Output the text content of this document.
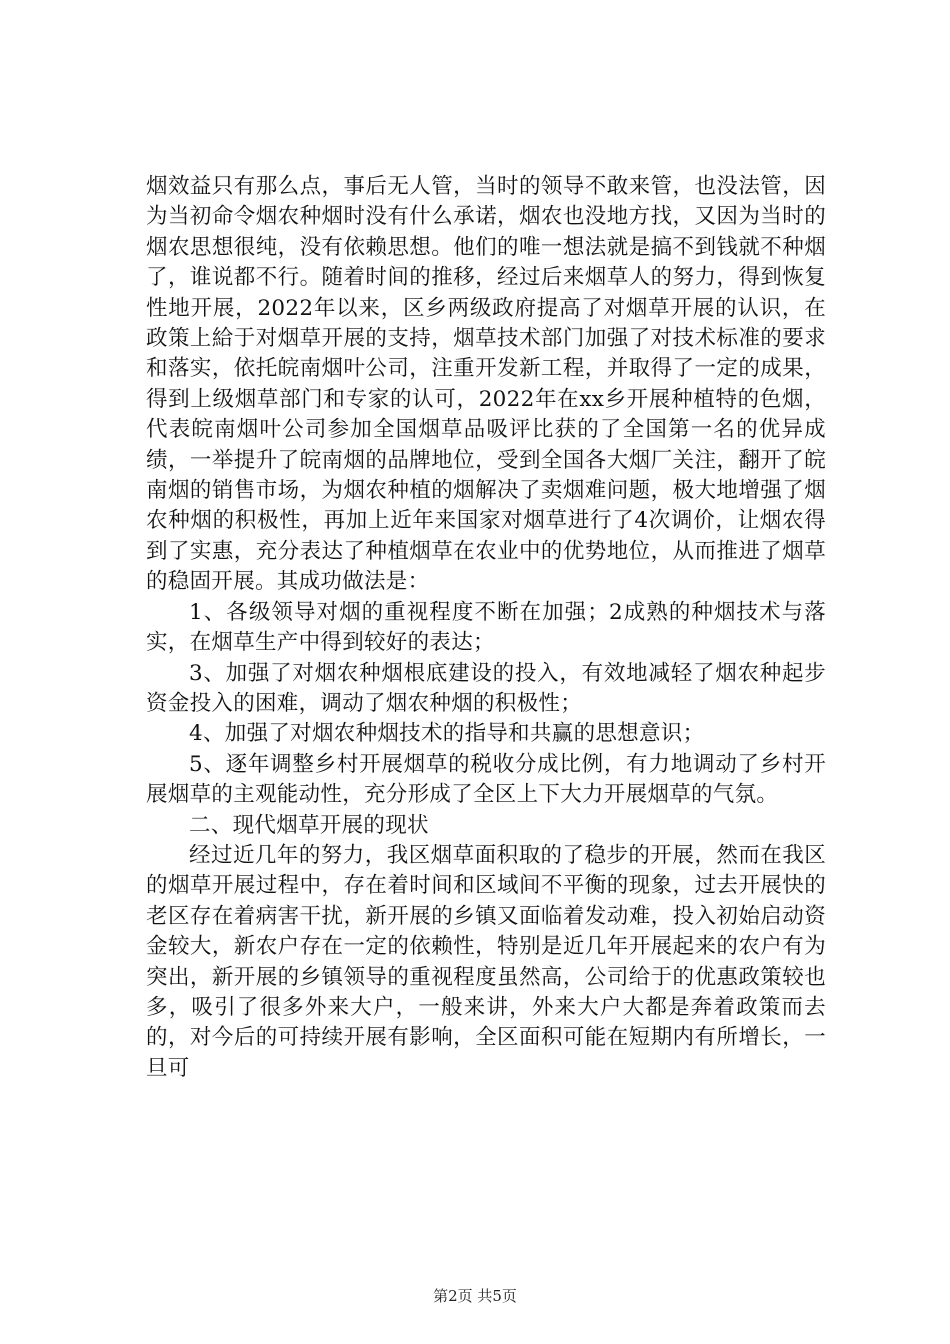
烟效益只有那么点，事后无人管，当时的领导不敢来管，也没法管，因为当初命令烟农种烟时没有什么承诺，烟农也没地方找，又因为当时的烟农思想很纯，没有依赖思想。他们的唯一想法就是搞不到钱就不种烟了，谁说都不行。随着时间的推移，经过后来烟草人的努力，得到恢复性地开展，2022年以来，区乡两级政府提高了对烟草开展的认识，在政策上給于对烟草开展的支持，烟草技术部门加强了对技术标准的要求和落实，依托皖南烟叶公司，注重开发新工程，并取得了一定的成果，得到上级烟草部门和专家的认可，2022年在xx乡开展种植特的色烟，代表皖南烟叶公司参加全国烟草品吸评比获的了全国第一名的优异成绩，一举提升了皖南烟的品牌地位，受到全国各大烟厂关注，翻开了皖南烟的销售市场，为烟农种植的烟解决了卖烟难问题，极大地增强了烟农种烟的积极性，再加上近年来国家对烟草进行了4次调价，让烟农得到了实惠，充分表达了种植烟草在农业中的优势地位，从而推进了烟草的稳固开展。其成功做法是：

1、各级领导对烟的重视程度不断在加强；2成熟的种烟技术与落实，在烟草生产中得到较好的表达；

3、加强了对烟农种烟根底建设的投入，有效地减轻了烟农种起步资金投入的困难，调动了烟农种烟的积极性；

4、加强了对烟农种烟技术的指导和共赢的思想意识；

5、逐年调整乡村开展烟草的税收分成比例，有力地调动了乡村开展烟草的主观能动性，充分形成了全区上下大力开展烟草的气氛。

二、现代烟草开展的现状

经过近几年的努力，我区烟草面积取的了稳步的开展，然而在我区的烟草开展过程中，存在着时间和区域间不平衡的现象，过去开展快的老区存在着病害干扰，新开展的乡镇又面临着发动难，投入初始启动资金较大，新农户存在一定的依赖性，特别是近几年开展起来的农户有为突出，新开展的乡镇领导的重视程度虽然高，公司给于的优惠政策较也多，吸引了很多外来大户，一般来讲，外来大户大都是奔着政策而去的，对今后的可持续开展有影响，全区面积可能在短期内有所增长，一旦可

第2页 共5页
